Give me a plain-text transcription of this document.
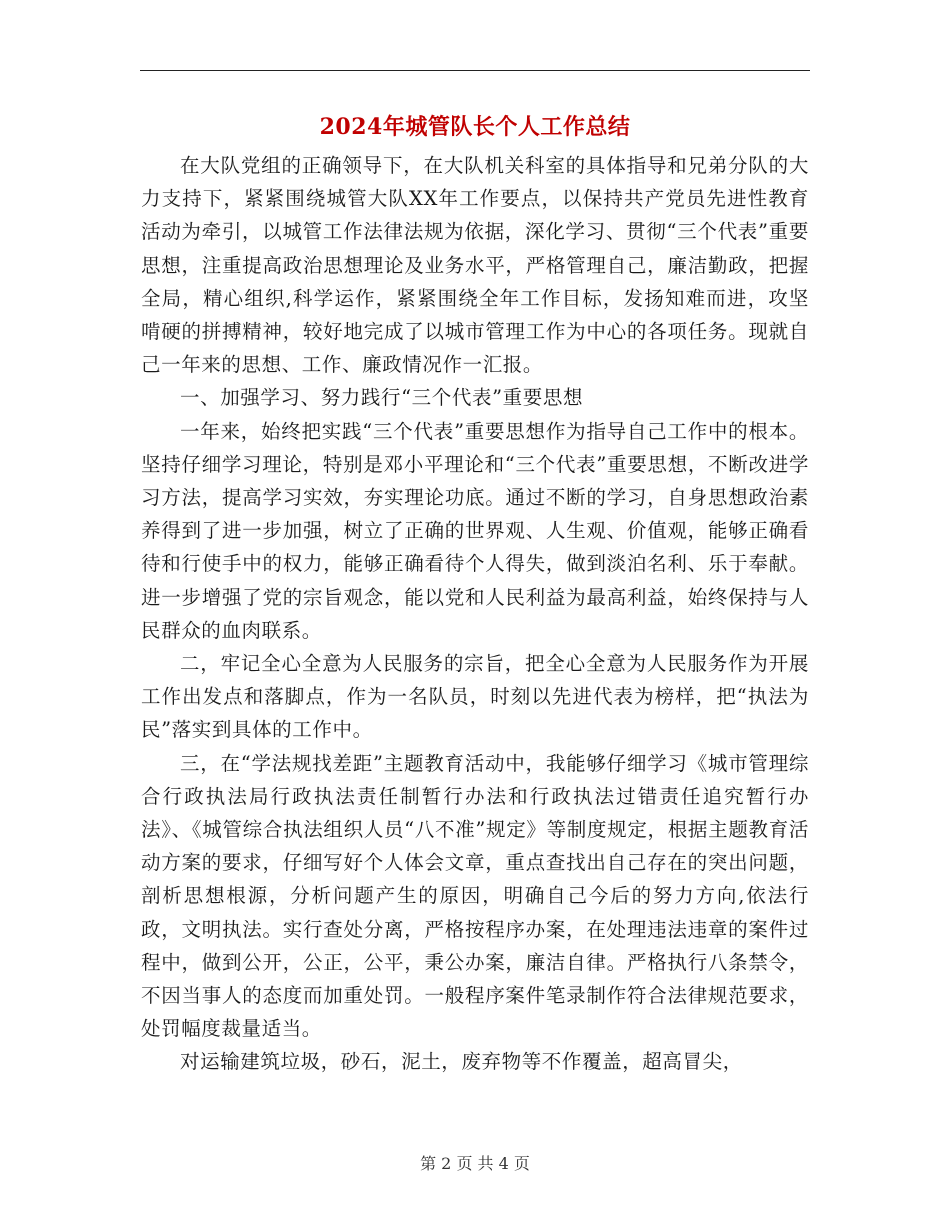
2024年城管队长个人工作总结

在大队党组的正确领导下，在大队机关科室的具体指导和兄弟分队的大力支持下，紧紧围绕城管大队XX年工作要点，以保持共产党员先进性教育活动为牵引，以城管工作法律法规为依据，深化学习、贯彻“三个代表”重要思想，注重提高政治思想理论及业务水平，严格管理自己，廉洁勤政，把握全局，精心组织,科学运作，紧紧围绕全年工作目标，发扬知难而进，攻坚啃硬的拼搏精神，较好地完成了以城市管理工作为中心的各项任务。现就自己一年来的思想、工作、廉政情况作一汇报。

一、加强学习、努力践行“三个代表”重要思想

一年来，始终把实践“三个代表”重要思想作为指导自己工作中的根本。坚持仔细学习理论，特别是邓小平理论和“三个代表”重要思想，不断改进学习方法，提高学习实效，夯实理论功底。通过不断的学习，自身思想政治素养得到了进一步加强，树立了正确的世界观、人生观、价值观，能够正确看待和行使手中的权力，能够正确看待个人得失，做到淡泊名利、乐于奉献。进一步增强了党的宗旨观念，能以党和人民利益为最高利益，始终保持与人民群众的血肉联系。

二，牢记全心全意为人民服务的宗旨，把全心全意为人民服务作为开展工作出发点和落脚点，作为一名队员，时刻以先进代表为榜样，把“执法为民”落实到具体的工作中。

三，在“学法规找差距”主题教育活动中，我能够仔细学习《城市管理综合行政执法局行政执法责任制暂行办法和行政执法过错责任追究暂行办法》、《城管综合执法组织人员“八不准”规定》等制度规定，根据主题教育活动方案的要求，仔细写好个人体会文章，重点查找出自己存在的突出问题，剖析思想根源，分析问题产生的原因，明确自己今后的努力方向,依法行政，文明执法。实行查处分离，严格按程序办案，在处理违法违章的案件过程中，做到公开，公正，公平，秉公办案，廉洁自律。严格执行八条禁令，不因当事人的态度而加重处罚。一般程序案件笔录制作符合法律规范要求，处罚幅度裁量适当。

对运输建筑垃圾，砂石，泥土，废弃物等不作覆盖，超高冒尖，

第 2 页 共 4 页
